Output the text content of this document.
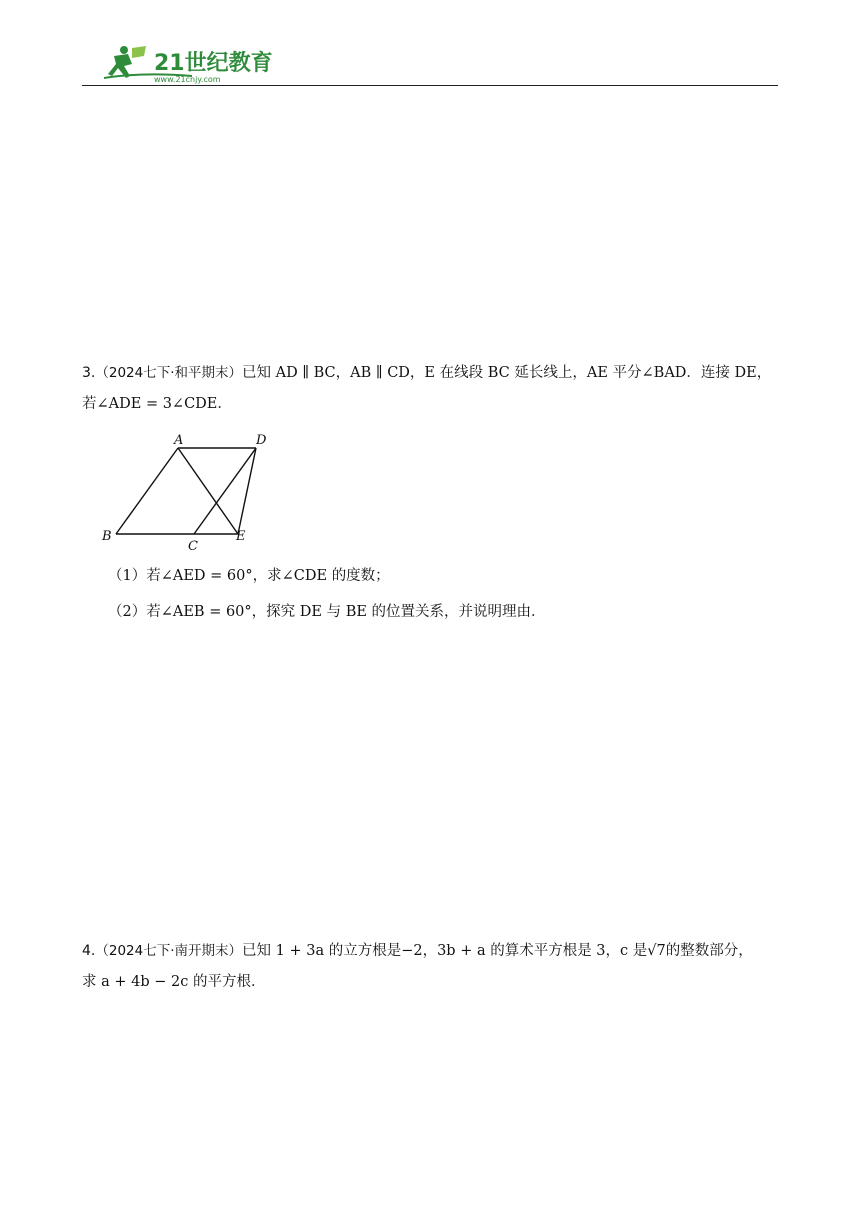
21世纪教育
www.21cnjy.com
3.（2024七下·和平期末）已知 AD ∥ BC，AB ∥ CD，E 在线段 BC 延长线上，AE 平分∠BAD．连接 DE，
若∠ADE = 3∠CDE．
A	D
B
C
E
（1）若∠AED = 60°，求∠CDE 的度数；
（2）若∠AEB = 60°，探究 DE 与 BE 的位置关系，并说明理由．
4.（2024七下·南开期末）已知 1 + 3a 的立方根是−2，3b + a 的算术平方根是 3，c 是√7的整数部分，
求 a + 4b − 2c 的平方根．
